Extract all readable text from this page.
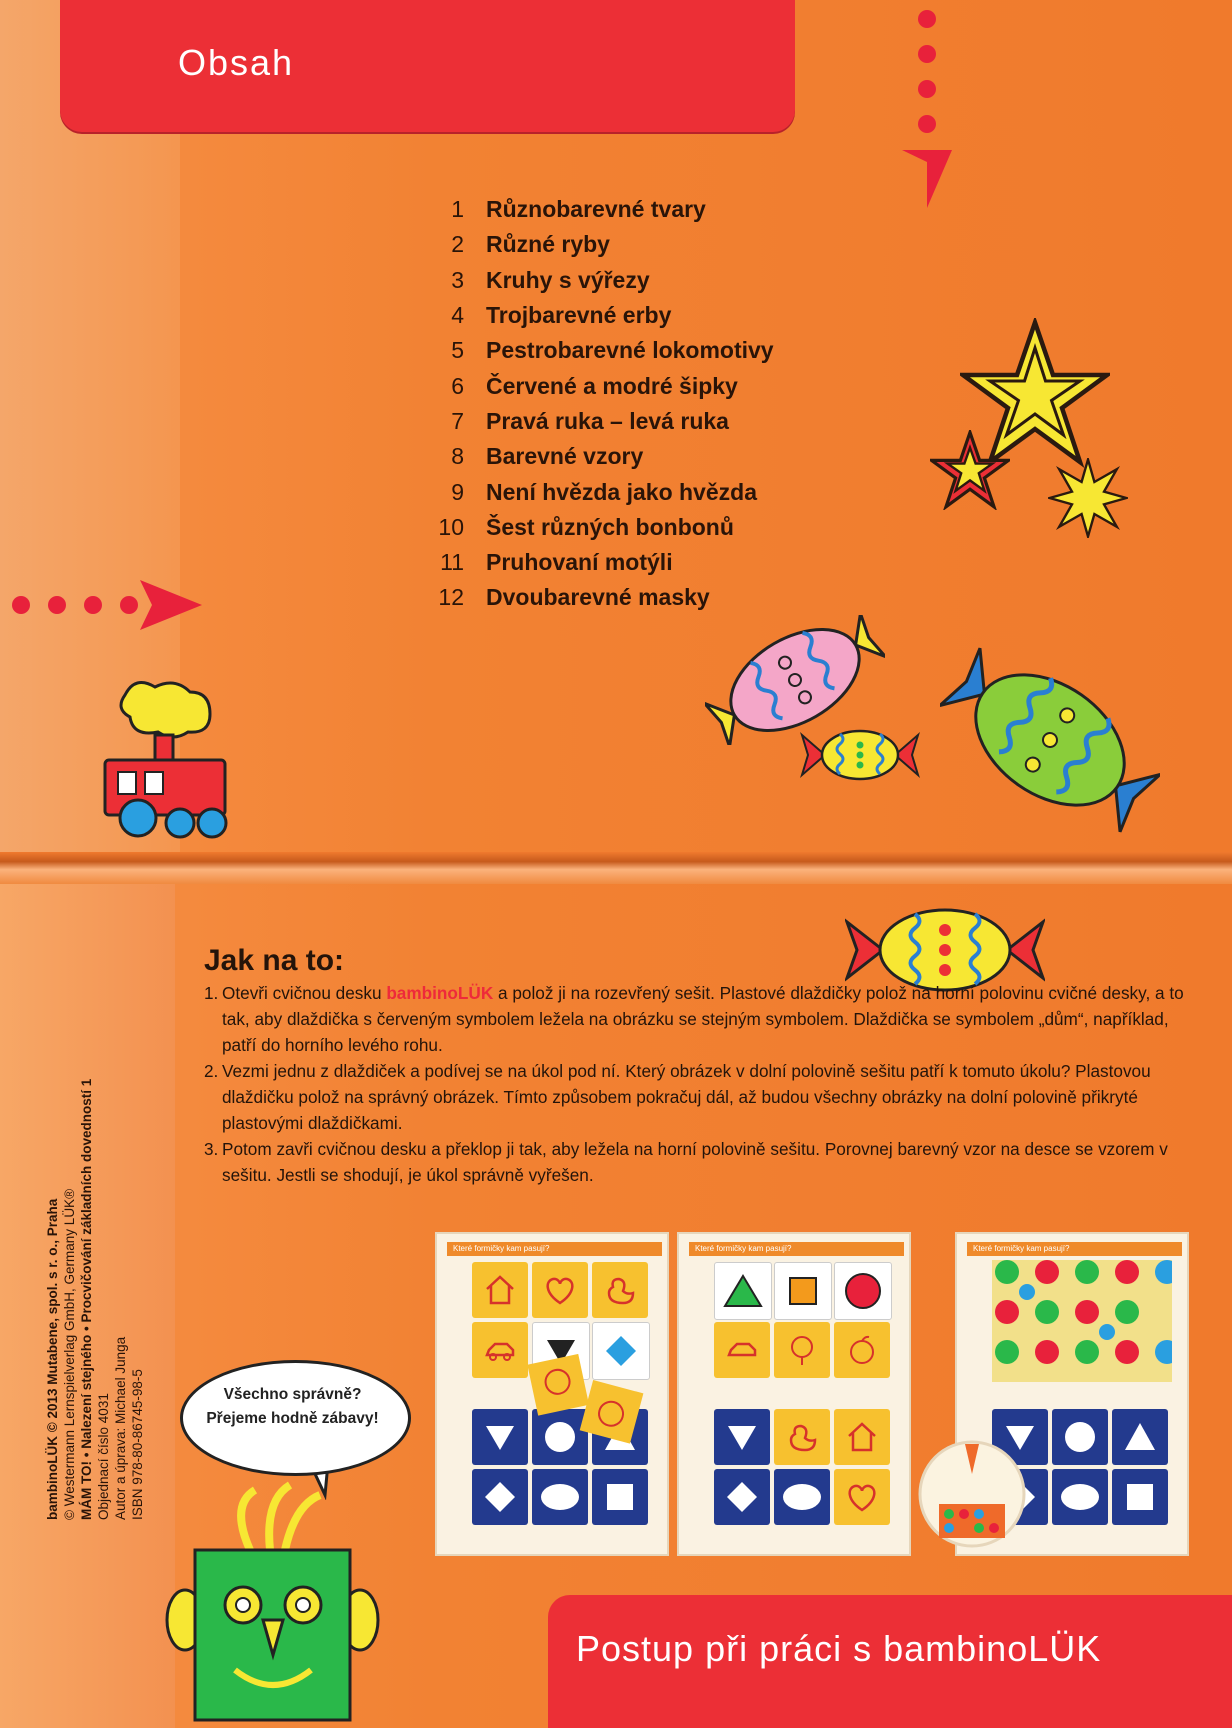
Obsah
1 Různobarevné tvary
2 Různé ryby
3 Kruhy s výřezy
4 Trojbarevné erby
5 Pestrobarevné lokomotivy
6 Červené a modré šipky
7 Pravá ruka – levá ruka
8 Barevné vzory
9 Není hvězda jako hvězda
10 Šest různých bonbonů
11 Pruhovaní motýli
12 Dvoubarevné masky
Jak na to:
1. Otevři cvičnou desku bambinoLÜK a polož ji na rozevřený sešit. Plastové dlaždičky polož na horní polovinu cvičné desky, a to tak, aby dlaždička s červeným symbolem ležela na obrázku se stejným symbolem. Dlaždička se symbolem „dům“, například, patří do horního levého rohu.
2. Vezmi jednu z dlaždiček a podívej se na úkol pod ní. Který obrázek v dolní polovině sešitu patří k tomuto úkolu? Plastovou dlaždičku polož na správný obrázek. Tímto způsobem pokračuj dál, až budou všechny obrázky na dolní polovině přikryté plastovými dlaždičkami.
3. Potom zavři cvičnou desku a překlop ji tak, aby ležela na horní polovině sešitu. Porovnej barevný vzor na desce se vzorem v sešitu. Jestli se shodují, je úkol správně vyřešen.
Které formičky kam pasují?	Které formičky kam pasují?	Které formičky kam pasují?
bambinoLÜK © 2013 Mutabene, spol. s r. o., Praha © Westermann Lernspielverlag GmbH, Germany LÜK® MÁM TO! • Nalezení stejného • Procvičování základních dovedností 1 Objednací číslo 4031 Autor a úprava: Michael Junga ISBN 978-80-86745-98-5	Všechno správně?
Přejeme hodně zábavy!
Postup při práci s bambinoLÜK
